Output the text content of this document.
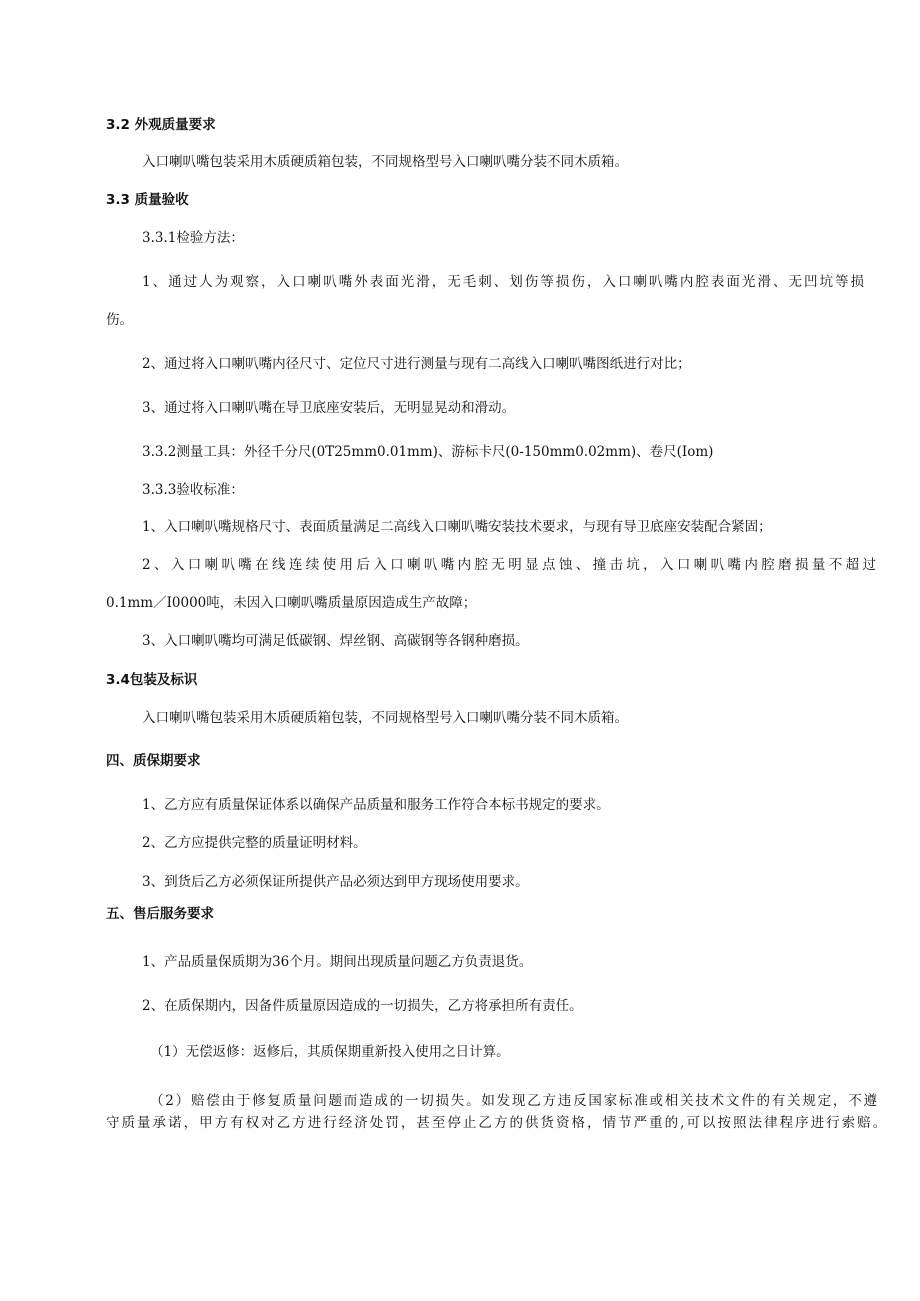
3.2 外观质量要求
入口喇叭嘴包装采用木质硬质箱包装，不同规格型号入口喇叭嘴分装不同木质箱。
3.3 质量验收
3.3.1检验方法：
1、通过人为观察，入口喇叭嘴外表面光滑，无毛刺、划伤等损伤，入口喇叭嘴内腔表面光滑、无凹坑等损
伤。
2、通过将入口喇叭嘴内径尺寸、定位尺寸进行测量与现有二高线入口喇叭嘴图纸进行对比；
3、通过将入口喇叭嘴在导卫底座安装后，无明显晃动和滑动。
3.3.2测量工具：外径千分尺(0T25mm0.01mm)、游标卡尺(0-150mm0.02mm)、卷尺(Iom)
3.3.3验收标准：
1、入口喇叭嘴规格尺寸、表面质量满足二高线入口喇叭嘴安装技术要求，与现有导卫底座安装配合紧固；
2、入口喇叭嘴在线连续使用后入口喇叭嘴内腔无明显点蚀、撞击坑，入口喇叭嘴内腔磨损量不超过
0.1mm／I0000吨，未因入口喇叭嘴质量原因造成生产故障；
3、入口喇叭嘴均可满足低碳钢、焊丝钢、高碳钢等各钢种磨损。
3.4包装及标识
入口喇叭嘴包装采用木质硬质箱包装，不同规格型号入口喇叭嘴分装不同木质箱。
四、质保期要求
1、乙方应有质量保证体系以确保产品质量和服务工作符合本标书规定的要求。
2、乙方应提供完整的质量证明材料。
3、到货后乙方必须保证所提供产品必须达到甲方现场使用要求。
五、售后服务要求
1、产品质量保质期为36个月。期间出现质量问题乙方负责退货。
2、在质保期内，因备件质量原因造成的一切损失，乙方将承担所有责任。
（1）无偿返修：返修后，其质保期重新投入使用之日计算。
（2）赔偿由于修复质量问题而造成的一切损失。如发现乙方违反国家标准或相关技术文件的有关规定，不遵
守质量承诺，甲方有权对乙方进行经济处罚，甚至停止乙方的供货资格，情节严重的,可以按照法律程序进行索赔。
